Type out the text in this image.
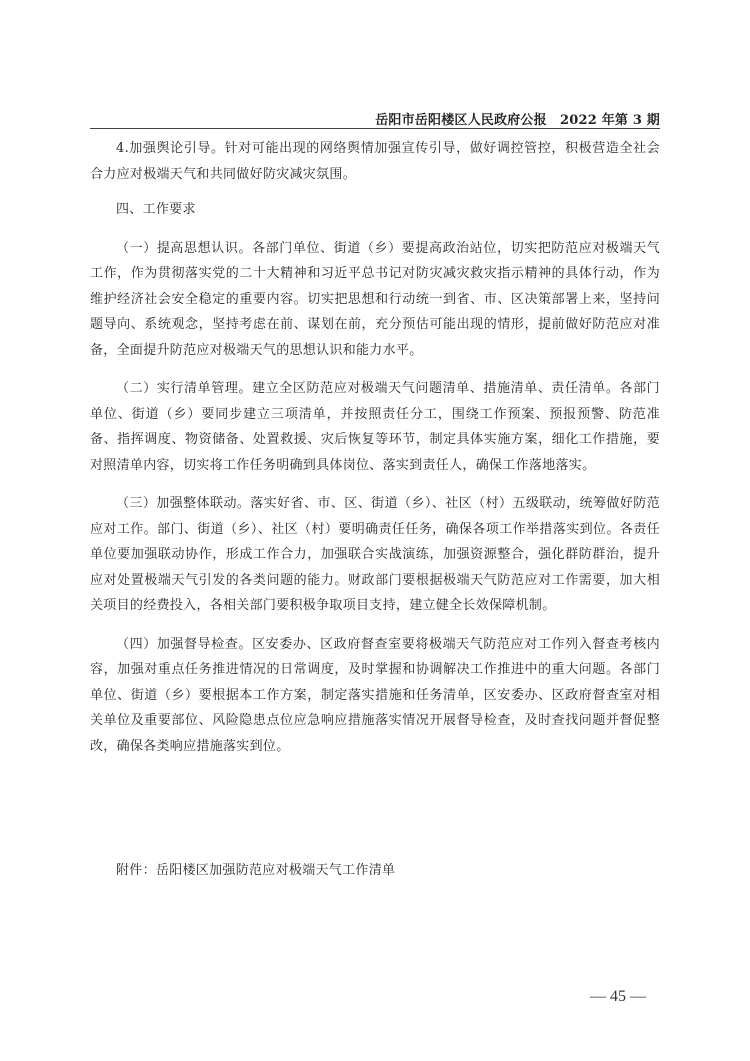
岳阳市岳阳楼区人民政府公报　2022 年第 3 期

4.加强舆论引导。针对可能出现的网络舆情加强宣传引导，做好调控管控，积极营造全社会合力应对极端天气和共同做好防灾减灾氛围。

四、工作要求

（一）提高思想认识。各部门单位、街道（乡）要提高政治站位，切实把防范应对极端天气工作，作为贯彻落实党的二十大精神和习近平总书记对防灾减灾救灾指示精神的具体行动，作为维护经济社会安全稳定的重要内容。切实把思想和行动统一到省、市、区决策部署上来，坚持问题导向、系统观念，坚持考虑在前、谋划在前，充分预估可能出现的情形，提前做好防范应对准备，全面提升防范应对极端天气的思想认识和能力水平。

（二）实行清单管理。建立全区防范应对极端天气问题清单、措施清单、责任清单。各部门单位、街道（乡）要同步建立三项清单，并按照责任分工，围绕工作预案、预报预警、防范准备、指挥调度、物资储备、处置救援、灾后恢复等环节，制定具体实施方案，细化工作措施，要对照清单内容，切实将工作任务明确到具体岗位、落实到责任人，确保工作落地落实。

（三）加强整体联动。落实好省、市、区、街道（乡）、社区（村）五级联动，统筹做好防范应对工作。部门、街道（乡）、社区（村）要明确责任任务，确保各项工作举措落实到位。各责任单位要加强联动协作，形成工作合力，加强联合实战演练，加强资源整合，强化群防群治，提升应对处置极端天气引发的各类问题的能力。财政部门要根据极端天气防范应对工作需要，加大相关项目的经费投入，各相关部门要积极争取项目支持，建立健全长效保障机制。

（四）加强督导检查。区安委办、区政府督查室要将极端天气防范应对工作列入督查考核内容，加强对重点任务推进情况的日常调度，及时掌握和协调解决工作推进中的重大问题。各部门单位、街道（乡）要根据本工作方案，制定落实措施和任务清单，区安委办、区政府督查室对相关单位及重要部位、风险隐患点位应急响应措施落实情况开展督导检查，及时查找问题并督促整改，确保各类响应措施落实到位。

附件：岳阳楼区加强防范应对极端天气工作清单

— 45 —
